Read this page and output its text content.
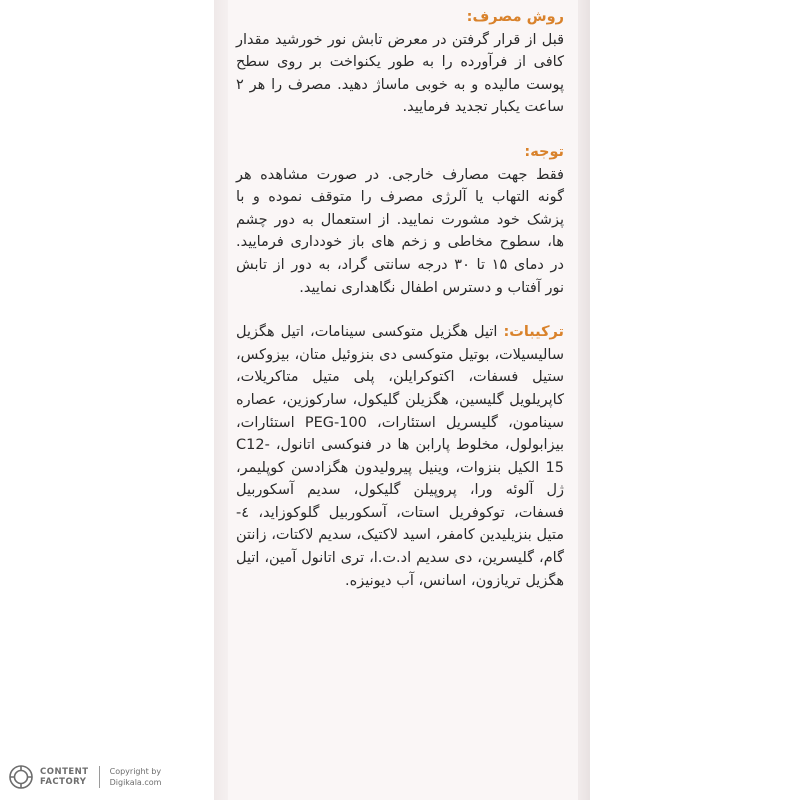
روش مصرف:
قبل از قرار گرفتن در معرض تابش نور خورشید مقدار کافی از فرآورده را به طور یکنواخت بر روی سطح پوست مالیده و به خوبی ماساژ دهید. مصرف را هر ۲ ساعت یکبار تجدید فرمایید.
توجه:
فقط جهت مصارف خارجی. در صورت مشاهده هر گونه التهاب یا آلرژی مصرف را متوقف نموده و با پزشک خود مشورت نمایید. از استعمال به دور چشم ها، سطوح مخاطی و زخم های باز خودداری فرمایید. در دمای ۱۵ تا ۳۰ درجه سانتی گراد، به دور از تابش نور آفتاب و دسترس اطفال نگاهداری نمایید.
ترکیبات: اتیل هگزیل متوکسی سینامات، اتیل هگزیل سالیسیلات، بوتیل متوکسی دی بنزوئیل متان، بیزوکس، ستیل فسفات، اکتوکرایلن، پلی متیل متاکریلات، کاپریلویل گلیسین، هگزیلن گلیکول، سارکوزین، عصاره سینامون، گلیسریل استئارات، PEG-100 استئارات، بیزابولول، مخلوط پارابن ها در فنوکسی اتانول، C12-15 الکیل بنزوات، وینیل پیرولیدون هگزادسن کوپلیمر، ژل آلوئه ورا، پروپیلن گلیکول، سدیم آسکوربیل فسفات، توکوفریل استات، آسکوربیل گلوکوزاید، ٤-متیل بنزیلیدین کامفر، اسید لاکتیک، سدیم لاکتات، زانتن گام، گلیسرین، دی سدیم اد.ت.ا، تری اتانول آمین، اتیل هگزیل تریازون، اسانس، آب دیونیزه.
CONTENT
FACTORY
Copyright by
Digikala.com
